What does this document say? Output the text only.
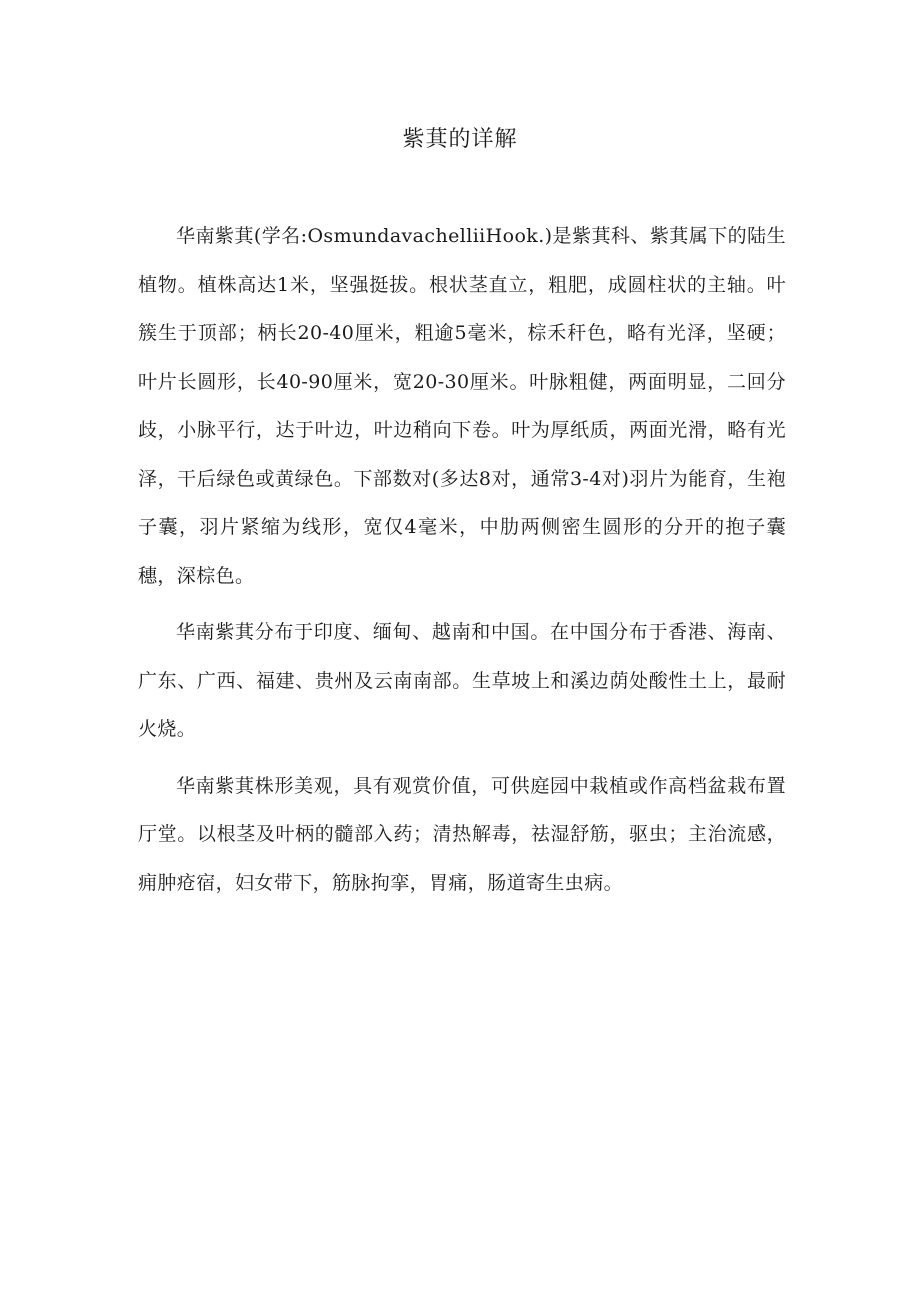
紫萁的详解

华南紫萁(学名:OsmundavachelliiHook.)是紫萁科、紫萁属下的陆生植物。植株高达1米，坚强挺拔。根状茎直立，粗肥，成圆柱状的主轴。叶簇生于顶部；柄长20-40厘米，粗逾5毫米，棕禾秆色，略有光泽，坚硬；叶片长圆形，长40-90厘米，宽20-30厘米。叶脉粗健，两面明显，二回分歧，小脉平行，达于叶边，叶边稍向下卷。叶为厚纸质，两面光滑，略有光泽，干后绿色或黄绿色。下部数对(多达8对，通常3-4对)羽片为能育，生袍子囊，羽片紧缩为线形，宽仅4毫米，中肋两侧密生圆形的分开的抱子囊穗，深棕色。

华南紫萁分布于印度、缅甸、越南和中国。在中国分布于香港、海南、广东、广西、福建、贵州及云南南部。生草坡上和溪边荫处酸性土上，最耐火烧。

华南紫萁株形美观，具有观赏价值，可供庭园中栽植或作高档盆栽布置厅堂。以根茎及叶柄的髓部入药；清热解毒，祛湿舒筋，驱虫；主治流感，痈肿疮宿，妇女带下，筋脉拘挛，胃痛，肠道寄生虫病。
